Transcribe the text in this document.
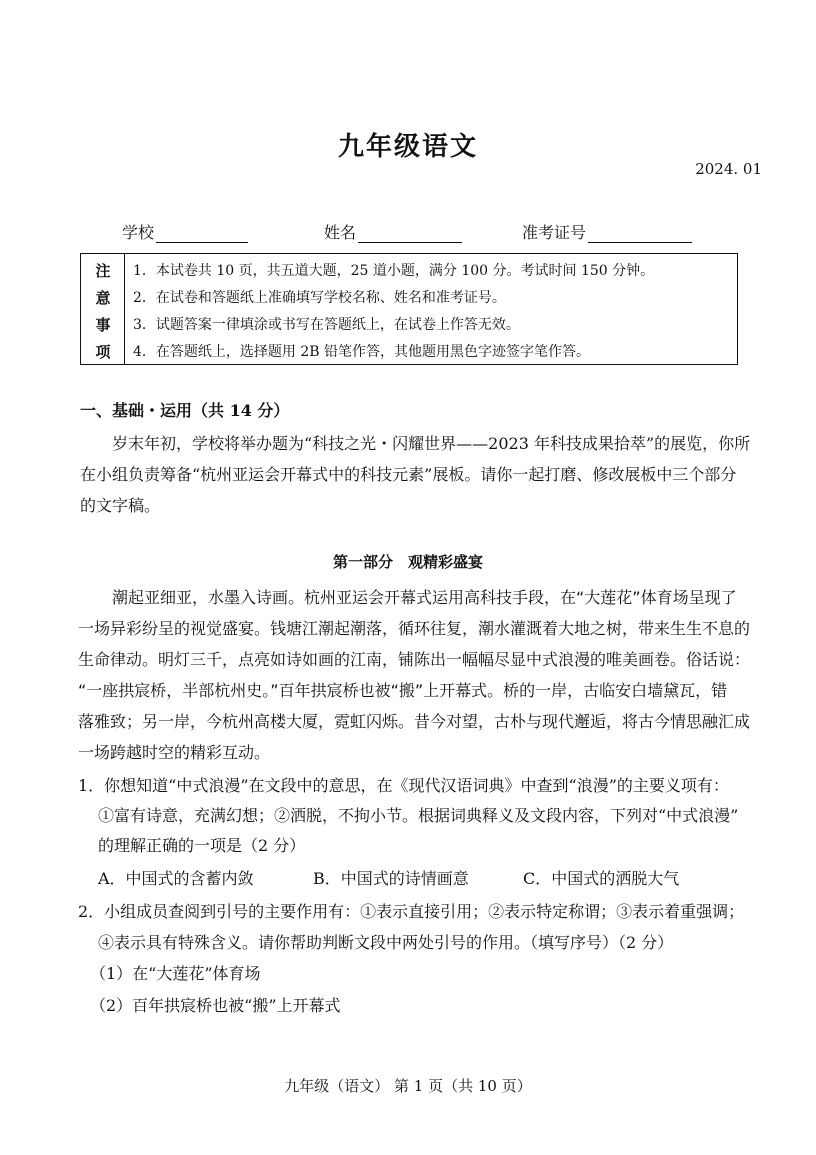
九年级语文
2024. 01
学校	姓名	准考证号
注
意
事
项
1．本试卷共 10 页，共五道大题，25 道小题，满分 100 分。考试时间 150 分钟。
2．在试卷和答题纸上准确填写学校名称、姓名和准考证号。
3．试题答案一律填涂或书写在答题纸上，在试卷上作答无效。
4．在答题纸上，选择题用 2B 铅笔作答，其他题用黑色字迹签字笔作答。
一、基础・运用（共 14 分）
岁末年初，学校将举办题为“科技之光・闪耀世界——2023 年科技成果拾萃”的展览，你所
在小组负责筹备“杭州亚运会开幕式中的科技元素”展板。请你一起打磨、修改展板中三个部分
的文字稿。
第一部分　观精彩盛宴
潮起亚细亚，水墨入诗画。杭州亚运会开幕式运用高科技手段，在“大莲花”体育场呈现了
一场异彩纷呈的视觉盛宴。钱塘江潮起潮落，循环往复，潮水灌溉着大地之树，带来生生不息的
生命律动。明灯三千，点亮如诗如画的江南，铺陈出一幅幅尽显中式浪漫的唯美画卷。俗话说：
“一座拱宸桥，半部杭州史。”百年拱宸桥也被“搬”上开幕式。桥的一岸，古临安白墙黛瓦，错
落雅致；另一岸，今杭州高楼大厦，霓虹闪烁。昔今对望，古朴与现代邂逅，将古今情思融汇成
一场跨越时空的精彩互动。
1．你想知道“中式浪漫”在文段中的意思，在《现代汉语词典》中查到“浪漫”的主要义项有：
①富有诗意，充满幻想；②洒脱，不拘小节。根据词典释义及文段内容，下列对“中式浪漫”
的理解正确的一项是（2 分）
A．中国式的含蓄内敛	B．中国式的诗情画意	C．中国式的洒脱大气
2．小组成员查阅到引号的主要作用有：①表示直接引用；②表示特定称谓；③表示着重强调；
④表示具有特殊含义。请你帮助判断文段中两处引号的作用。（填写序号）（2 分）
（1）在“大莲花”体育场
（2）百年拱宸桥也被“搬”上开幕式
九年级（语文） 第 1 页（共 10 页）
